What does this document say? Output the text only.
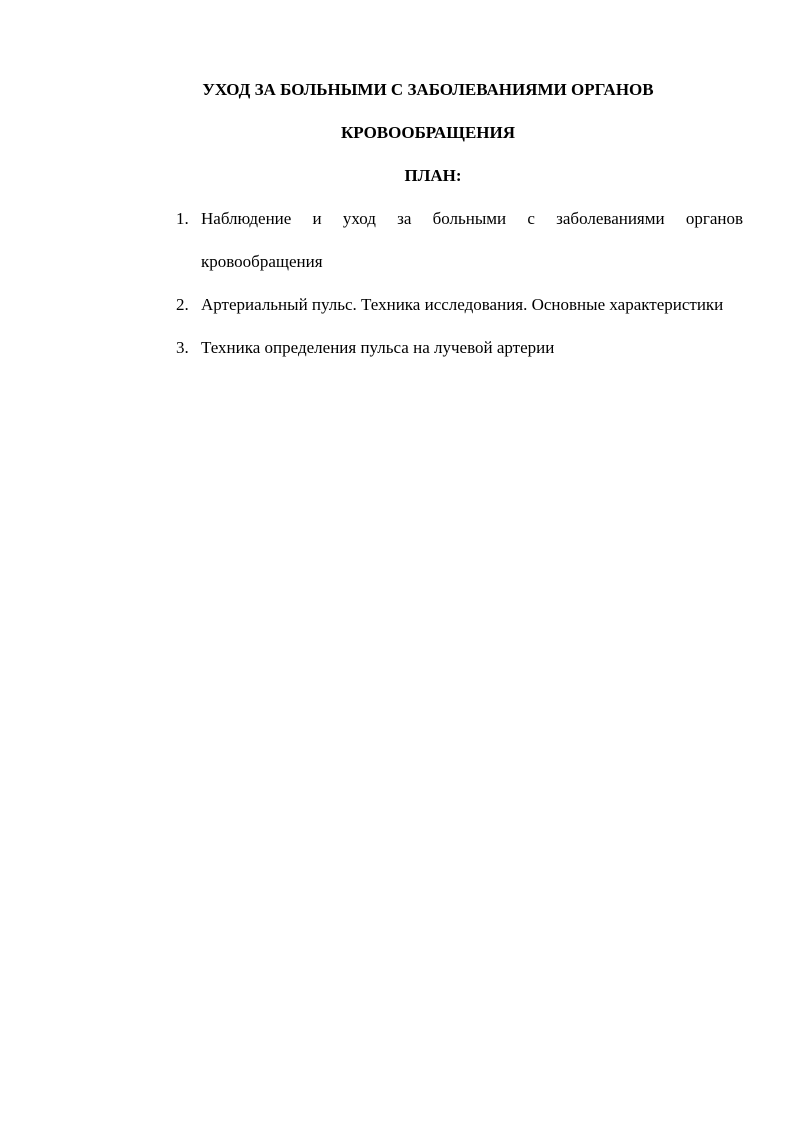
УХОД ЗА БОЛЬНЫМИ С ЗАБОЛЕВАНИЯМИ ОРГАНОВ
КРОВООБРАЩЕНИЯ
ПЛАН:
1. Наблюдение и уход за больными с заболеваниями органов кровообращения
2. Артериальный пульс. Техника исследования. Основные характеристики
3. Техника определения пульса на лучевой артерии
